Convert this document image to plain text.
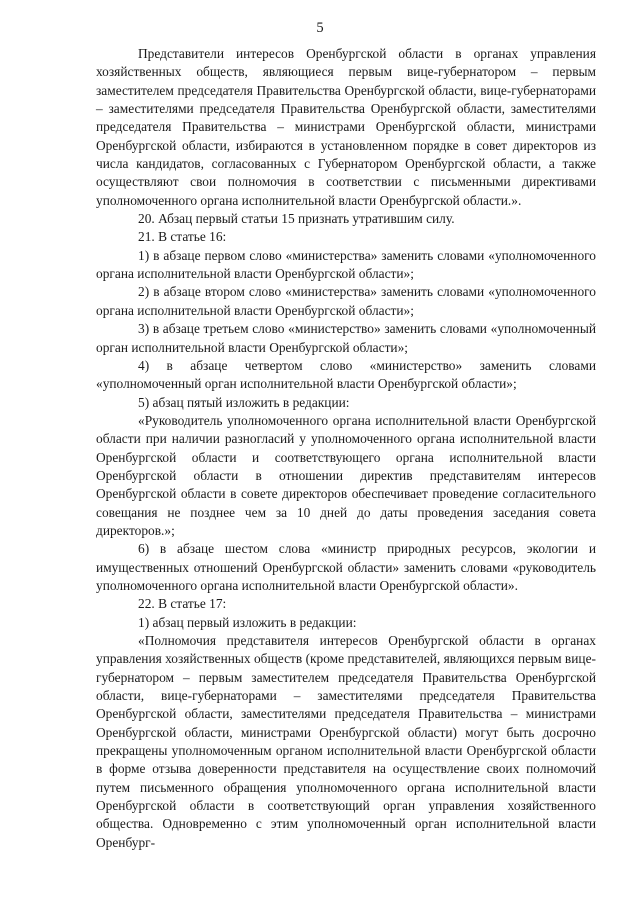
5

Представители интересов Оренбургской области в органах управления хозяйственных обществ, являющиеся первым вице-губернатором – первым заместителем председателя Правительства Оренбургской области, вице-губернаторами – заместителями председателя Правительства Оренбургской области, заместителями председателя Правительства – министрами Оренбургской области, министрами Оренбургской области, избираются в установленном порядке в совет директоров из числа кандидатов, согласованных с Губернатором Оренбургской области, а также осуществляют свои полномочия в соответствии с письменными директивами уполномоченного органа исполнительной власти Оренбургской области.».

20. Абзац первый статьи 15 признать утратившим силу.

21. В статье 16:

1) в абзаце первом слово «министерства» заменить словами «уполномоченного органа исполнительной власти Оренбургской области»;

2) в абзаце втором слово «министерства» заменить словами «уполномоченного органа исполнительной власти Оренбургской области»;

3) в абзаце третьем слово «министерство» заменить словами «уполномоченный орган исполнительной власти Оренбургской области»;

4) в абзаце четвертом слово «министерство» заменить словами «уполномоченный орган исполнительной власти Оренбургской области»;

5) абзац пятый изложить в редакции:

«Руководитель уполномоченного органа исполнительной власти Оренбургской области при наличии разногласий у уполномоченного органа исполнительной власти Оренбургской области и соответствующего органа исполнительной власти Оренбургской области в отношении директив представителям интересов Оренбургской области в совете директоров обеспечивает проведение согласительного совещания не позднее чем за 10 дней до даты проведения заседания совета директоров.»;

6) в абзаце шестом слова «министр природных ресурсов, экологии и имущественных отношений Оренбургской области» заменить словами «руководитель уполномоченного органа исполнительной власти Оренбургской области».

22. В статье 17:

1) абзац первый изложить в редакции:

«Полномочия представителя интересов Оренбургской области в органах управления хозяйственных обществ (кроме представителей, являющихся первым вице-губернатором – первым заместителем председателя Правительства Оренбургской области, вице-губернаторами – заместителями председателя Правительства Оренбургской области, заместителями председателя Правительства – министрами Оренбургской области, министрами Оренбургской области) могут быть досрочно прекращены уполномоченным органом исполнительной власти Оренбургской области в форме отзыва доверенности представителя на осуществление своих полномочий путем письменного обращения уполномоченного органа исполнительной власти Оренбургской области в соответствующий орган управления хозяйственного общества. Одновременно с этим уполномоченный орган исполнительной власти Оренбург-
